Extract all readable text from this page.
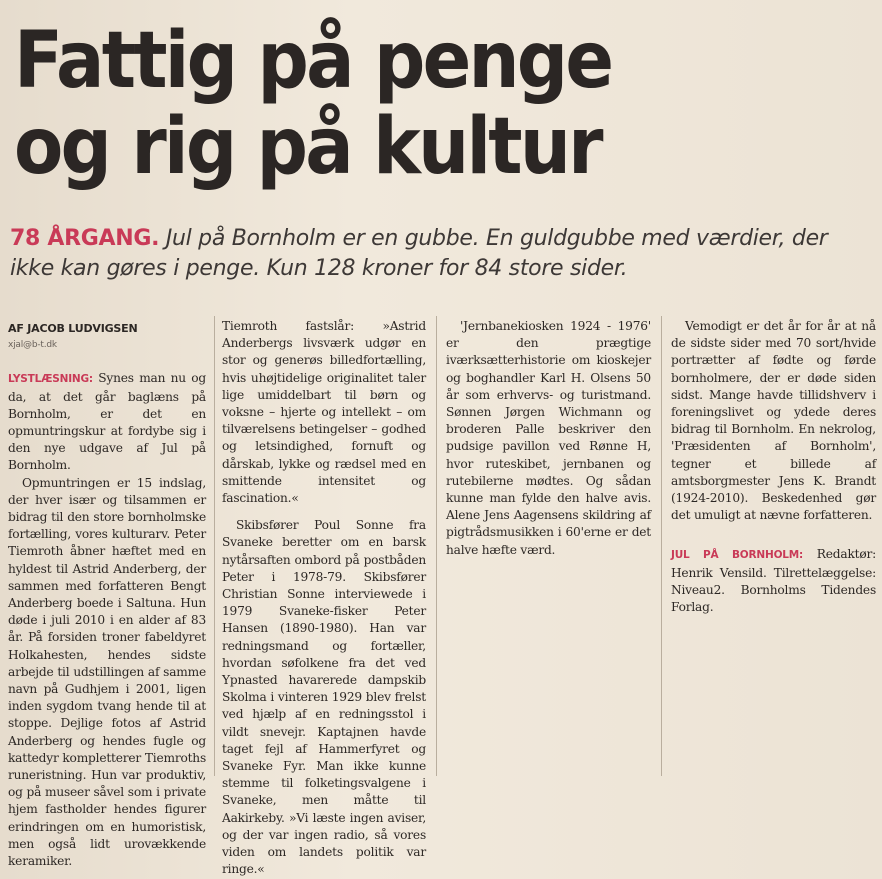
Fattig på penge
og rig på kultur
78 ÅRGANG. Jul på Bornholm er en gubbe. En guldgubbe med værdier, der ikke kan gøres i penge. Kun 128 kroner for 84 store sider.
AF JACOB LUDVIGSEN
xjal@b-t.dk

LYSTLÆSNING: Synes man nu og da, at det går baglæns på Bornholm, er det en opmuntringskur at fordybe sig i den nye udgave af Jul på Bornholm.

Opmuntringen er 15 indslag, der hver især og tilsammen er bidrag til den store bornholmske fortælling, vores kulturarv. Peter Tiemroth åbner hæftet med en hyldest til Astrid Anderberg, der sammen med forfatteren Bengt Anderberg boede i Saltuna. Hun døde i juli 2010 i en alder af 83 år. På forsiden troner fabeldyret Holkahesten, hendes sidste arbejde til udstillingen af samme navn på Gudhjem i 2001, ligen inden sygdom tvang hende til at stoppe. Dejlige fotos af Astrid Anderberg og hendes fugle og kattedyr kompletterer Tiemroths runeristning. Hun var produktiv, og på museer såvel som i private hjem fastholder hendes figurer erindringen om en humoristisk, men også lidt urovækkende keramiker.

Tiemroth fastslår: »Astrid Anderbergs livsværk udgør en stor og generøs billedfortælling, hvis uhøjtidelige originalitet taler lige umiddelbart til børn og voksne – hjerte og intellekt – om tilværelsens betingelser – godhed og letsindighed, fornuft og dårskab, lykke og rædsel med en smittende intensitet og fascination.«

Skibsfører Poul Sonne fra Svaneke beretter om en barsk nytårsaften ombord på postbåden Peter i 1978-79. Skibsfører Christian Sonne interviewede i 1979 Svaneke-fisker Peter Hansen (1890-1980). Han var redningsmand og fortæller, hvordan søfolkene fra det ved Ypnasted havarerede dampskib Skolma i vinteren 1929 blev frelst ved hjælp af en redningsstol i vildt snevejr. Kaptajnen havde taget fejl af Hammerfyret og Svaneke Fyr. Man ikke kunne stemme til folketingsvalgene i Svaneke, men måtte til Aakirkeby. »Vi læste ingen aviser, og der var ingen radio, så vores viden om landets politik var ringe.«

'Jernbanekiosken 1924 - 1976' er den prægtige iværksætterhistorie om kioskejer og boghandler Karl H. Olsens 50 år som erhvervs- og turistmand. Sønnen Jørgen Wichmann og broderen Palle beskriver den pudsige pavillon ved Rønne H, hvor ruteskibet, jernbanen og rutebilerne mødtes. Og sådan kunne man fylde den halve avis. Alene Jens Aagensens skildring af pigtrådsmusikken i 60'erne er det halve hæfte værd.

Vemodigt er det år for år at nå de sidste sider med 70 sort/hvide portrætter af fødte og førde bornholmere, der er døde siden sidst. Mange havde tillidshverv i foreningslivet og ydede deres bidrag til Bornholm. En nekrolog, 'Præsidenten af Bornholm', tegner et billede af amtsborgmester Jens K. Brandt (1924-2010). Beskedenhed gør det umuligt at nævne forfatteren.

JUL PÅ BORNHOLM: Redaktør: Henrik Vensild. Tilrettelæggelse: Niveau2. Bornholms Tidendes Forlag.
